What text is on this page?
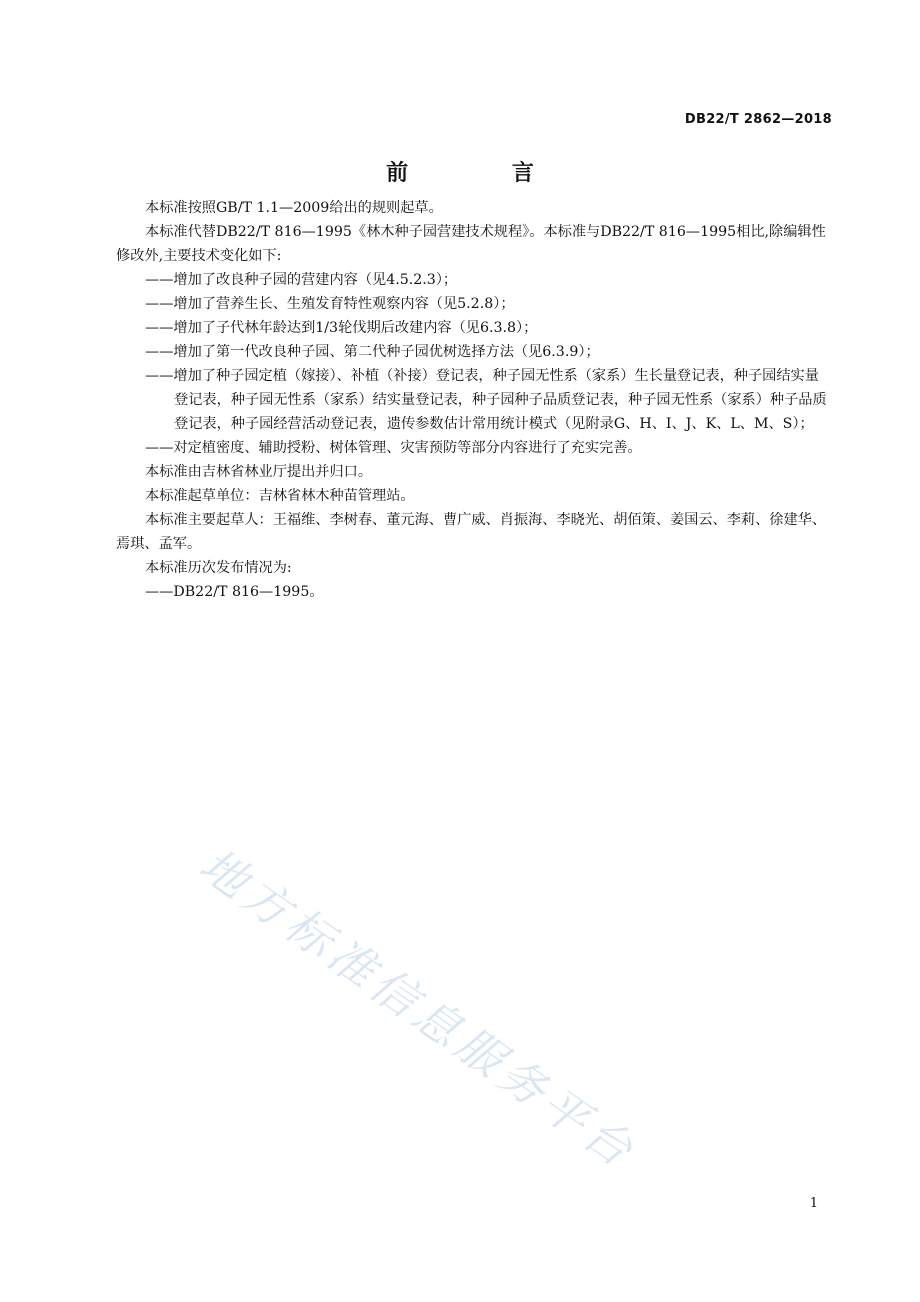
DB22/T 2862—2018
前 言

本标准按照GB/T 1.1—2009给出的规则起草。

本标准代替DB22/T 816—1995《林木种子园营建技术规程》。本标准与DB22/T 816—1995相比,除编辑性修改外,主要技术变化如下:

——增加了改良种子园的营建内容（见4.5.2.3）；

——增加了营养生长、生殖发育特性观察内容（见5.2.8）；

——增加了子代林年龄达到1/3轮伐期后改建内容（见6.3.8）；

——增加了第一代改良种子园、第二代种子园优树选择方法（见6.3.9）；

——增加了种子园定植（嫁接）、补植（补接）登记表，种子园无性系（家系）生长量登记表，种子园结实量登记表，种子园无性系（家系）结实量登记表，种子园种子品质登记表，种子园无性系（家系）种子品质登记表，种子园经营活动登记表，遗传参数估计常用统计模式（见附录G、H、I、J、K、L、M、S）；

——对定植密度、辅助授粉、树体管理、灾害预防等部分内容进行了充实完善。

本标准由吉林省林业厅提出并归口。

本标准起草单位：吉林省林木种苗管理站。

本标准主要起草人：王福维、李树春、董元海、曹广威、肖振海、李晓光、胡佰策、姜国云、李莉、徐建华、焉琪、孟军。

本标准历次发布情况为:

——DB22/T 816—1995。

地方标准信息服务平台
1
